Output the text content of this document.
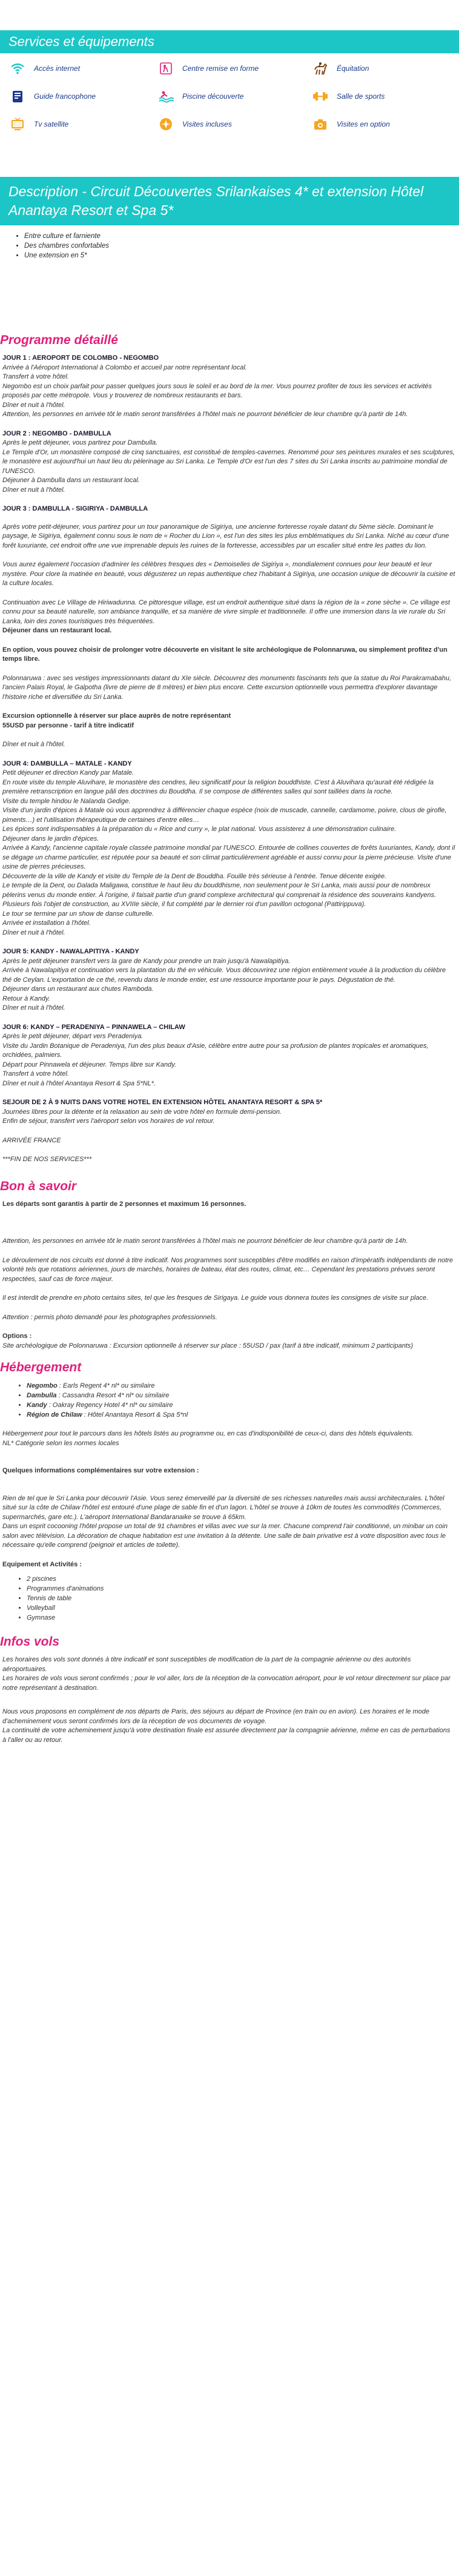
Services et équipements
Accès internet	Centre remise en forme	Équitation
Guide francophone	Piscine découverte	Salle de sports
Tv satellite	Visites incluses	Visites en option
Description - Circuit Découvertes Srilankaises 4* et extension Hôtel Anantaya Resort et Spa 5*
• Entre culture et farniente
• Des chambres confortables
• Une extension en 5*
Programme détaillé

JOUR 1 : AEROPORT DE COLOMBO - NEGOMBO
Arrivée à l'Aéroport International à Colombo et accueil par notre représentant local.
Transfert à votre hôtel.
Negombo est un choix parfait pour passer quelques jours sous le soleil et au bord de la mer. Vous pourrez profiter de tous les services et activités proposés par cette métropole. Vous y trouverez de nombreux restaurants et bars.
Dîner et nuit à l'hôtel.
Attention, les personnes en arrivée tôt le matin seront transférées à l'hôtel mais ne pourront bénéficier de leur chambre qu'à partir de 14h.

JOUR 2 : NEGOMBO - DAMBULLA
Après le petit déjeuner, vous partirez pour Dambulla.
Le Temple d'Or, un monastère composé de cinq sanctuaires, est constitué de temples-cavernes. Renommé pour ses peintures murales et ses sculptures, le monastère est aujourd'hui un haut lieu du pèlerinage au Sri Lanka. Le Temple d'Or est l'un des 7 sites du Sri Lanka inscrits au patrimoine mondial de l'UNESCO.
Déjeuner à Dambulla dans un restaurant local.
Dîner et nuit à l'hôtel.

JOUR 3 : DAMBULLA - SIGIRIYA - DAMBULLA

Après votre petit-déjeuner, vous partirez pour un tour panoramique de Sigiriya, une ancienne forteresse royale datant du 5ème siècle. Dominant le paysage, le Sigiriya, également connu sous le nom de « Rocher du Lion », est l'un des sites les plus emblématiques du Sri Lanka. Niché au cœur d'une forêt luxuriante, cet endroit offre une vue imprenable depuis les ruines de la forteresse, accessibles par un escalier situé entre les pattes du lion.

Vous aurez également l'occasion d'admirer les célèbres fresques des « Demoiselles de Sigiriya », mondialement connues pour leur beauté et leur mystère. Pour clore la matinée en beauté, vous dégusterez un repas authentique chez l'habitant à Sigiriya, une occasion unique de découvrir la cuisine et la culture locales.

Continuation avec Le Village de Hiriwadunna. Ce pittoresque village, est un endroit authentique situé dans la région de la « zone sèche ». Ce village est connu pour sa beauté naturelle, son ambiance tranquille, et sa manière de vivre simple et traditionnelle. Il offre une immersion dans la vie rurale du Sri Lanka, loin des zones touristiques très fréquentées.

Déjeuner dans un restaurant local.

En option, vous pouvez choisir de prolonger votre découverte en visitant le site archéologique de Polonnaruwa, ou simplement profitez d'un temps libre.

Polonnaruwa : avec ses vestiges impressionnants datant du XIe siècle. Découvrez des monuments fascinants tels que la statue du Roi Parakramabahu, l'ancien Palais Royal, le Galpotha (livre de pierre de 8 mètres) et bien plus encore. Cette excursion optionnelle vous permettra d'explorer davantage l'histoire riche et diversifiée du Sri Lanka.

Excursion optionnelle à réserver sur place auprès de notre représentant
55USD par personne - tarif à titre indicatif

Dîner et nuit à l'hôtel.

JOUR 4: DAMBULLA – MATALE - KANDY
Petit déjeuner et direction Kandy par Matale.
En route visite du temple Aluvihare, le monastère des cendres, lieu significatif pour la religion bouddhiste. C'est à Aluvihara qu'aurait été rédigée la première retranscription en langue pâli des doctrines du Bouddha. Il se compose de différentes salles qui sont taillées dans la roche.
Visite du temple hindou le Nalanda Gedige.
Visite d'un jardin d'épices à Matale où vous apprendrez à différencier chaque espèce (noix de muscade, cannelle, cardamome, poivre, clous de girofle, piments…) et l'utilisation thérapeutique de certaines d'entre elles…
Les épices sont indispensables à la préparation du « Rice and curry », le plat national. Vous assisterez à une démonstration culinaire.
Déjeuner dans le jardin d'épices.
Arrivée à Kandy, l'ancienne capitale royale classée patrimoine mondial par l'UNESCO. Entourée de collines couvertes de forêts luxuriantes, Kandy, dont il se dégage un charme particulier, est réputée pour sa beauté et son climat particulièrement agréable et aussi connu pour la pierre précieuse. Visite d'une usine de pierres précieuses.
Découverte de la ville de Kandy et visite du Temple de la Dent de Bouddha. Fouille très sérieuse à l'entrée. Tenue décente exigée.
Le temple de la Dent, ou Dalada Maligawa, constitue le haut lieu du bouddhisme, non seulement pour le Sri Lanka, mais aussi pour de nombreux pèlerins venus du monde entier. À l'origine, il faisait partie d'un grand complexe architectural qui comprenait la résidence des souverains kandyens. Plusieurs fois l'objet de construction, au XVIIIe siècle, il fut complété par le dernier roi d'un pavillon octogonal (Pattirippuva).
Le tour se termine par un show de danse culturelle.
Arrivée et installation à l'hôtel.
Dîner et nuit à l'hôtel.

JOUR 5: KANDY - NAWALAPITIYA - KANDY
Après le petit déjeuner transfert vers la gare de Kandy pour prendre un train jusqu'à Nawalapitiya.
Arrivée à Nawalapitiya et continuation vers la plantation du thé en véhicule. Vous découvrirez une région entièrement vouée à la production du célèbre thé de Ceylan. L'exportation de ce thé, revendu dans le monde entier, est une ressource importante pour le pays. Dégustation de thé.
Déjeuner dans un restaurant aux chutes Rambod​a.
Retour à Kandy.
Dîner et nuit à l'hôtel.

JOUR 6: KANDY – PERADENIYA – PINNAWELA – CHILAW
Après le petit déjeuner, départ vers Peradeniya.
Visite du Jardin Botanique de Peradeniya, l'un des plus beaux d'Asie, célèbre entre autre pour sa profusion de plantes tropicales et aromatiques, orchidées, palmiers.
Départ pour Pinnawela et déjeuner. Temps libre sur Kandy.
Transfert à votre hôtel.
Dîner et nuit à l'hôtel Anantaya Resort & Spa 5*NL*.

SEJOUR DE 2 À 9 NUITS DANS VOTRE HOTEL EN EXTENSION HÔTEL ANANTAYA RESORT & SPA 5*
Journées libres pour la détente et la relaxation au sein de votre hôtel en formule demi-pension.
Enfin de séjour, transfert vers l'aéroport selon vos horaires de vol retour.

ARRIVÉE FRANCE

***FIN DE NOS SERVICES***

Bon à savoir

Les départs sont garantis à partir de 2 personnes et maximum 16 personnes.

Attention, les personnes en arrivée tôt le matin seront transférées à l'hôtel mais ne pourront bénéficier de leur chambre qu'à partir de 14h.

Le déroulement de nos circuits est donné à titre indicatif. Nos programmes sont susceptibles d'être modifiés en raison d'impératifs indépendants de notre volonté tels que rotations aériennes, jours de marchés, horaires de bateau, état des routes, climat, etc… Cependant les prestations prévues seront respectées, sauf cas de force majeur.

Il est interdit de prendre en photo certains sites, tel que les fresques de Sirigaya. Le guide vous donnera toutes les consignes de visite sur place.

Attention : permis photo demandé pour les photographes professionnels.

Options :
Site archéologique de Polonnaruwa : Excursion optionnelle à réserver sur place : 55USD / pax (tarif à titre indicatif, minimum 2 participants)

Hébergement
• Negombo : Earls Regent 4* nl* ou similaire
• Dambulla : Cassandra Resort 4* nl* ou similaire
• Kandy : Oakray Regency Hotel 4* nl* ou similaire
• Région de Chilaw : Hôtel Anantaya Resort & Spa 5*nl

Hébergement pour tout le parcours dans les hôtels listés au programme ou, en cas d'indisponibilité de ceux-ci, dans des hôtels équivalents.
NL* Catégorie selon les normes locales

Quelques informations complémentaires sur votre extension :

Rien de tel que le Sri Lanka pour découvrir l'Asie. Vous serez émerveillé par la diversité de ses richesses naturelles mais aussi architecturales. L'hôtel situé sur la côte de Chilaw l'hôtel est entouré d'une plage de sable fin et d'un lagon. L'hôtel se trouve à 10km de toutes les commodités (Commerces, supermarchés, gare etc.). L'aéroport International Bandaranaike se trouve à 65km.

Dans un esprit cocooning l'hôtel propose un total de 91 chambres et villas avec vue sur la mer. Chacune comprend l'air conditionné, un minibar un coin salon avec télévision. La décoration de chaque habitation est une invitation à la détente. Une salle de bain privative est à votre disposition avec tous le nécessaire qu'elle comprend (peignoir et articles de toilette).

Equipement et Activités :

• 2 piscines
• Programmes d'animations
• Tennis de table
• Volleyball
• Gymnase
Infos vols

Les horaires des vols sont donnés à titre indicatif et sont susceptibles de modification de la part de la compagnie aérienne ou des autorités aéroportuaires.

Les horaires de vols vous seront confirmés ; pour le vol aller, lors de la réception de la convocation aéroport, pour le vol retour directement sur place par notre représentant à destination.

Nous vous proposons en complément de nos départs de Paris, des séjours au départ de Province (en train ou en avion). Les horaires et le mode d'acheminement vous seront confirmés lors de la réception de vos documents de voyage.

La continuité de votre acheminement jusqu'à votre destination finale est assurée directement par la compagnie aérienne, même en cas de perturbations à l'aller ou au retour.
